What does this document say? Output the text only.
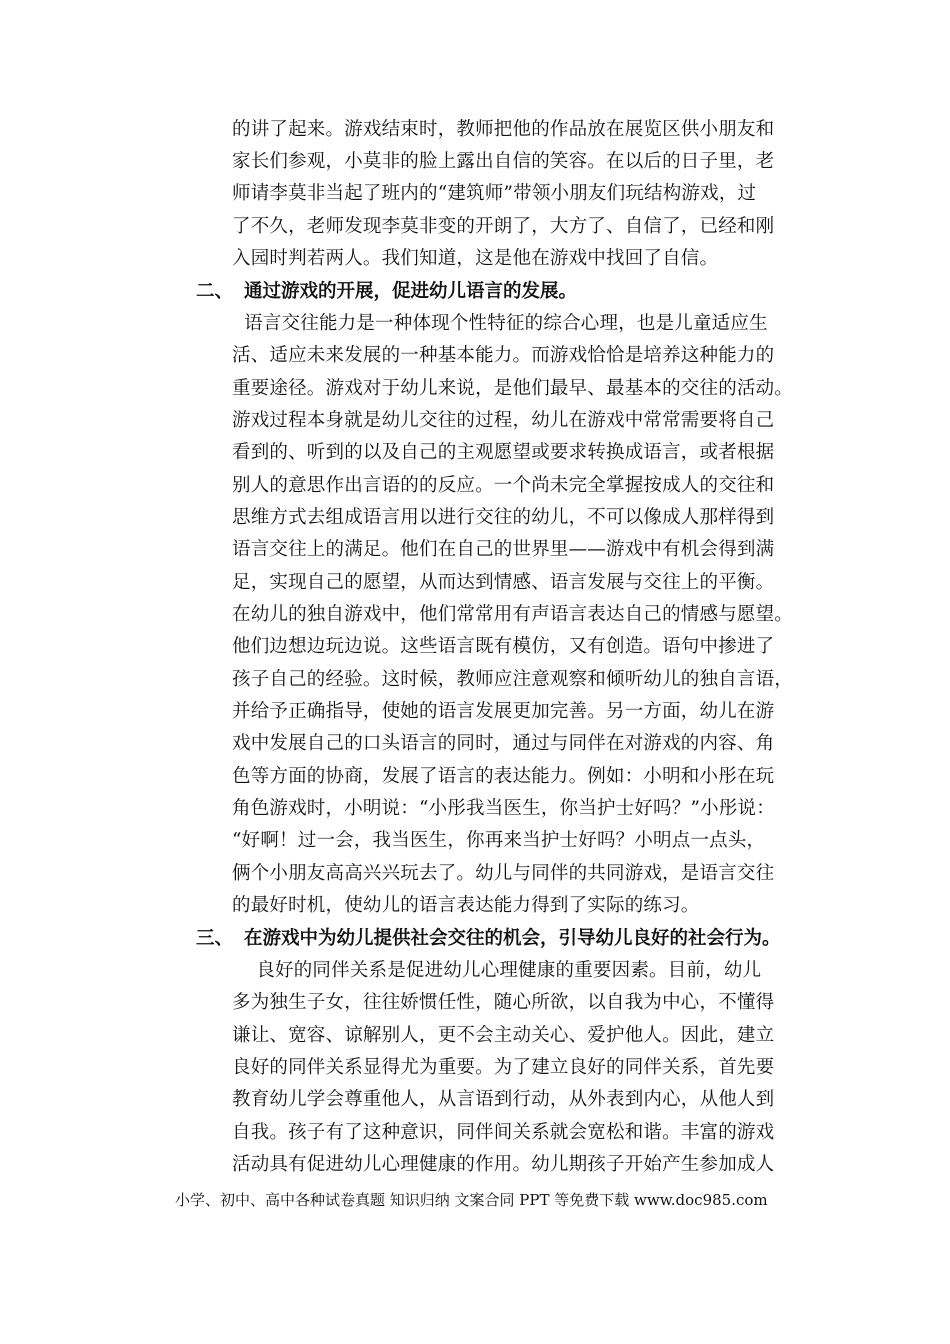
的讲了起来。游戏结束时，教师把他的作品放在展览区供小朋友和
家长们参观，小莫非的脸上露出自信的笑容。在以后的日子里，老
师请李莫非当起了班内的“建筑师”带领小朋友们玩结构游戏，过
了不久，老师发现李莫非变的开朗了，大方了、自信了，已经和刚
入园时判若两人。我们知道，这是他在游戏中找回了自信。
二、 通过游戏的开展，促进幼儿语言的发展。
语言交往能力是一种体现个性特征的综合心理，也是儿童适应生
活、适应未来发展的一种基本能力。而游戏恰恰是培养这种能力的
重要途径。游戏对于幼儿来说，是他们最早、最基本的交往的活动。
游戏过程本身就是幼儿交往的过程，幼儿在游戏中常常需要将自己
看到的、听到的以及自己的主观愿望或要求转换成语言，或者根据
别人的意思作出言语的的反应。一个尚未完全掌握按成人的交往和
思维方式去组成语言用以进行交往的幼儿，不可以像成人那样得到
语言交往上的满足。他们在自己的世界里——游戏中有机会得到满
足，实现自己的愿望，从而达到情感、语言发展与交往上的平衡。
在幼儿的独自游戏中，他们常常用有声语言表达自己的情感与愿望。
他们边想边玩边说。这些语言既有模仿，又有创造。语句中掺进了
孩子自己的经验。这时候，教师应注意观察和倾听幼儿的独自言语，
并给予正确指导，使她的语言发展更加完善。另一方面，幼儿在游
戏中发展自己的口头语言的同时，通过与同伴在对游戏的内容、角
色等方面的协商，发展了语言的表达能力。例如：小明和小彤在玩
角色游戏时，小明说：“小彤我当医生，你当护士好吗？”小彤说：
“好啊！过一会，我当医生，你再来当护士好吗？小明点一点头，
俩个小朋友高高兴兴玩去了。幼儿与同伴的共同游戏，是语言交往
的最好时机，使幼儿的语言表达能力得到了实际的练习。
三、 在游戏中为幼儿提供社会交往的机会，引导幼儿良好的社会行为。
良好的同伴关系是促进幼儿心理健康的重要因素。目前，幼儿
多为独生子女，往往娇惯任性，随心所欲，以自我为中心，不懂得
谦让、宽容、谅解别人，更不会主动关心、爱护他人。因此，建立
良好的同伴关系显得尤为重要。为了建立良好的同伴关系，首先要
教育幼儿学会尊重他人，从言语到行动，从外表到内心，从他人到
自我。孩子有了这种意识，同伴间关系就会宽松和谐。丰富的游戏
活动具有促进幼儿心理健康的作用。幼儿期孩子开始产生参加成人
小学、初中、高中各种试卷真题 知识归纳 文案合同 PPT 等免费下载 www.doc985.com
